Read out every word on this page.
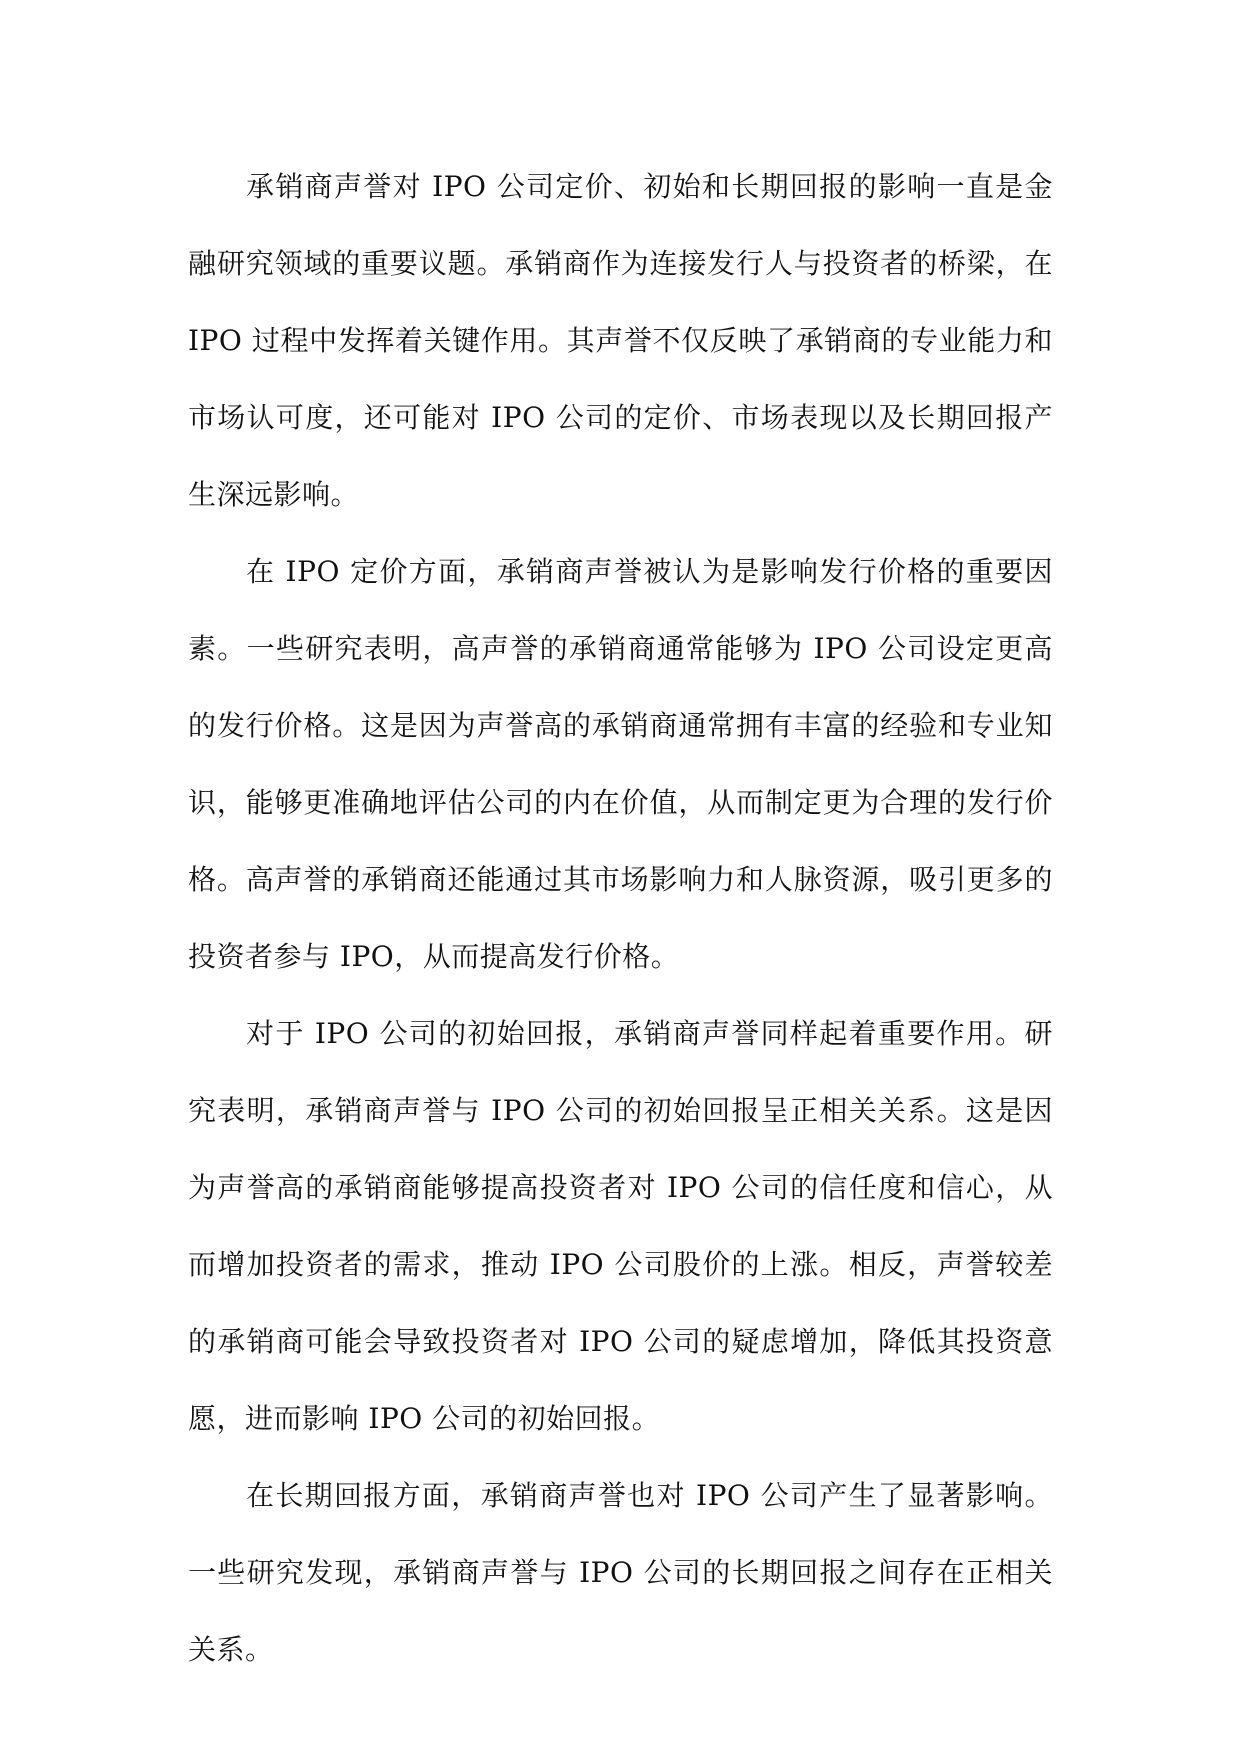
承销商声誉对 IPO 公司定价、初始和长期回报的影响一直是金融研究领域的重要议题。承销商作为连接发行人与投资者的桥梁，在 IPO 过程中发挥着关键作用。其声誉不仅反映了承销商的专业能力和市场认可度，还可能对 IPO 公司的定价、市场表现以及长期回报产生深远影响。

在 IPO 定价方面，承销商声誉被认为是影响发行价格的重要因素。一些研究表明，高声誉的承销商通常能够为 IPO 公司设定更高的发行价格。这是因为声誉高的承销商通常拥有丰富的经验和专业知识，能够更准确地评估公司的内在价值，从而制定更为合理的发行价格。高声誉的承销商还能通过其市场影响力和人脉资源，吸引更多的投资者参与 IPO，从而提高发行价格。

对于 IPO 公司的初始回报，承销商声誉同样起着重要作用。研究表明，承销商声誉与 IPO 公司的初始回报呈正相关关系。这是因为声誉高的承销商能够提高投资者对 IPO 公司的信任度和信心，从而增加投资者的需求，推动 IPO 公司股价的上涨。相反，声誉较差的承销商可能会导致投资者对 IPO 公司的疑虑增加，降低其投资意愿，进而影响 IPO 公司的初始回报。

在长期回报方面，承销商声誉也对 IPO 公司产生了显著影响。一些研究发现，承销商声誉与 IPO 公司的长期回报之间存在正相关关系。
